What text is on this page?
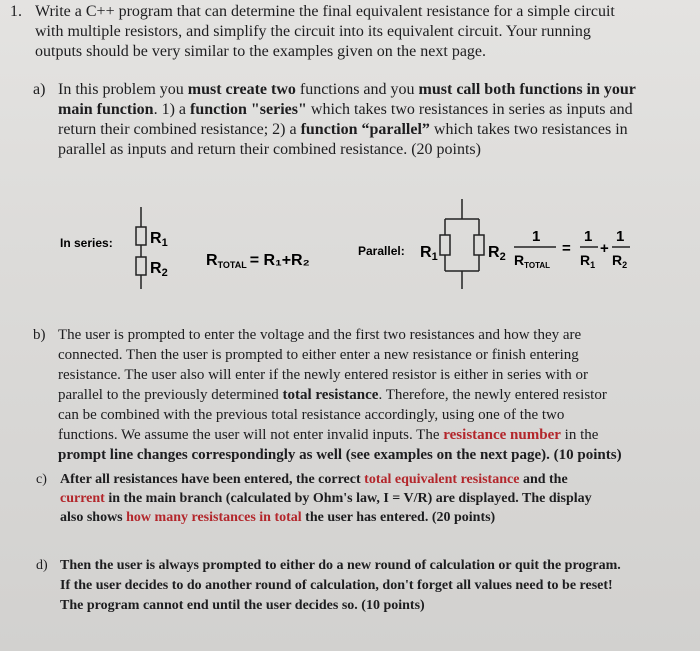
1. Write a C++ program that can determine the final equivalent resistance for a simple circuit
with multiple resistors, and simplify the circuit into its equivalent circuit. Your running
outputs should be very similar to the examples given on the next page.
a) In this problem you must create two functions and you must call both functions in your
main function. 1) a function "series" which takes two resistances in series as inputs and
return their combined resistance; 2) a function “parallel” which takes two resistances in
parallel as inputs and return their combined resistance. (20 points)
In series: R1
R2
RTOTAL = R₁+R₂
Parallel: R1	R2
1
$R_{TOTAL}$
=
1
$R_1$
+
1
$R_2$
b) The user is prompted to enter the voltage and the first two resistances and how they are
connected. Then the user is prompted to either enter a new resistance or finish entering
resistance. The user also will enter if the newly entered resistor is either in series with or
parallel to the previously determined total resistance. Therefore, the newly entered resistor
can be combined with the previous total resistance accordingly, using one of the two
functions. We assume the user will not enter invalid inputs. The resistance number in the
prompt line changes correspondingly as well (see examples on the next page). (10 points)
c) After all resistances have been entered, the correct total equivalent resistance and the
current in the main branch (calculated by Ohm's law, I = V/R) are displayed. The display
also shows how many resistances in total the user has entered. (20 points)
d) Then the user is always prompted to either do a new round of calculation or quit the program.
If the user decides to do another round of calculation, don't forget all values need to be reset!
The program cannot end until the user decides so. (10 points)
